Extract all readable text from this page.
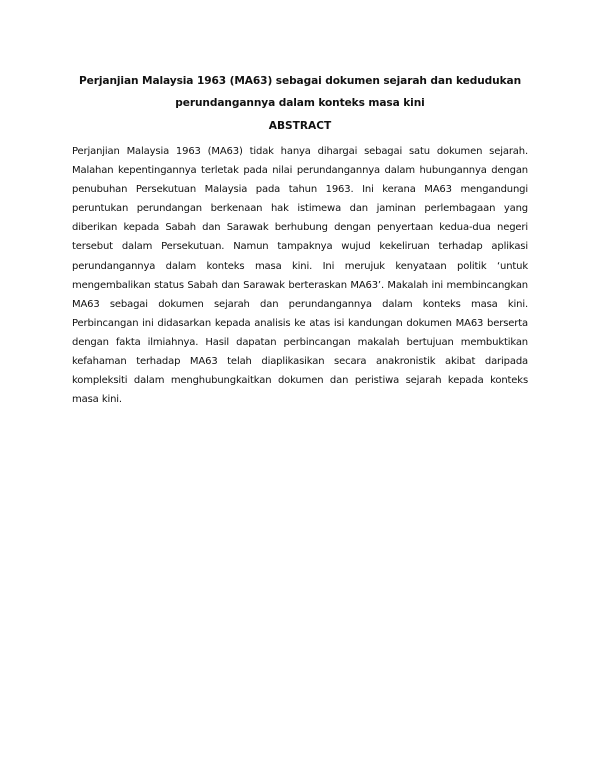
Perjanjian Malaysia 1963 (MA63) sebagai dokumen sejarah dan kedudukan perundangannya dalam konteks masa kini
ABSTRACT
Perjanjian Malaysia 1963 (MA63) tidak hanya dihargai sebagai satu dokumen sejarah. Malahan kepentingannya terletak pada nilai perundangannya dalam hubungannya dengan penubuhan Persekutuan Malaysia pada tahun 1963. Ini kerana MA63 mengandungi peruntukan perundangan berkenaan hak istimewa dan jaminan perlembagaan yang diberikan kepada Sabah dan Sarawak berhubung dengan penyertaan kedua-dua negeri tersebut dalam Persekutuan. Namun tampaknya wujud kekeliruan terhadap aplikasi perundangannya dalam konteks masa kini. Ini merujuk kenyataan politik ‘untuk mengembalikan status Sabah dan Sarawak berteraskan MA63’. Makalah ini membincangkan MA63 sebagai dokumen sejarah dan perundangannya dalam konteks masa kini. Perbincangan ini didasarkan kepada analisis ke atas isi kandungan dokumen MA63 berserta dengan fakta ilmiahnya. Hasil dapatan perbincangan makalah bertujuan membuktikan kefahaman terhadap MA63 telah diaplikasikan secara anakronistik akibat daripada kompleksiti dalam menghubungkaitkan dokumen dan peristiwa sejarah kepada konteks masa kini.
